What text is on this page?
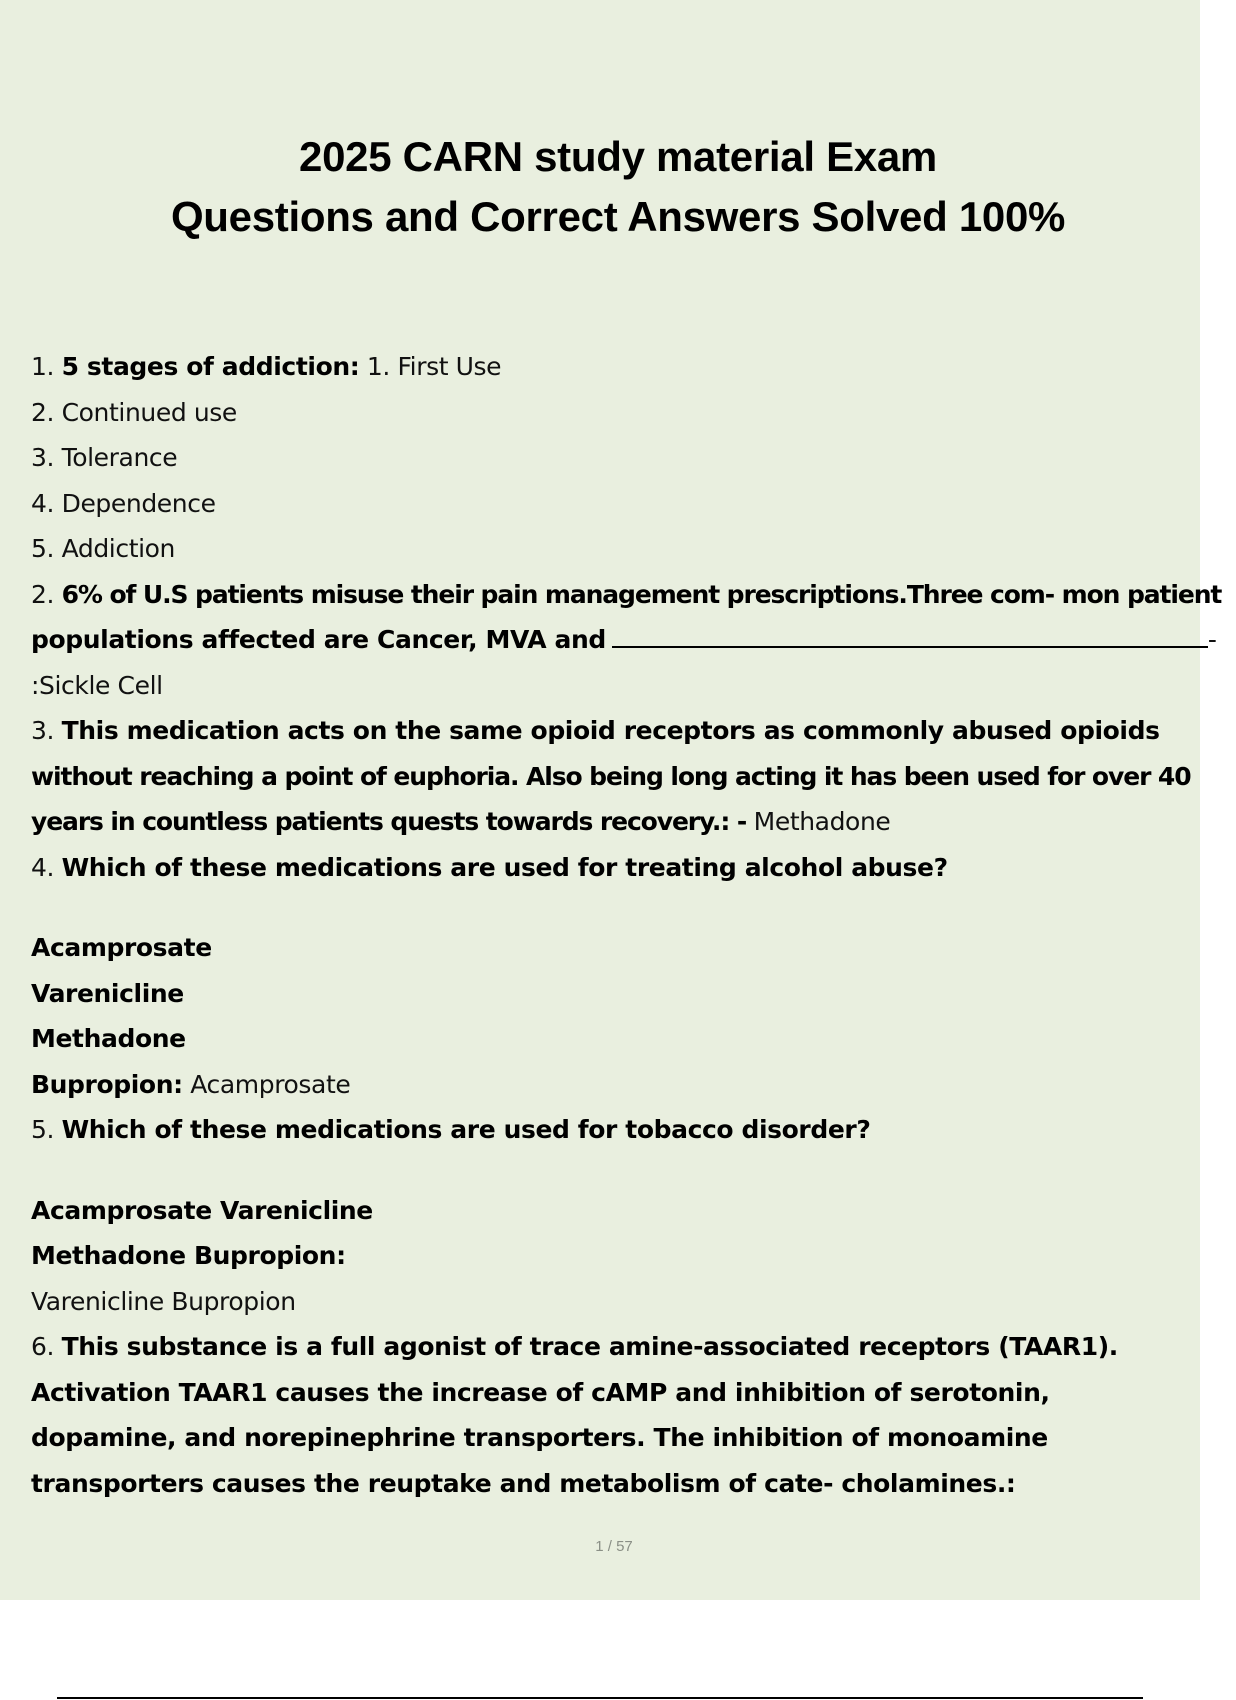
2025 CARN study material Exam
Questions and Correct Answers Solved 100%
1. 5 stages of addiction: 1. First Use
2. Continued use
3. Tolerance
4. Dependence
5. Addiction
2. 6% of U.S patients misuse their pain management prescriptions.Three com- mon patient
populations affected are Cancer, MVA and	-
:Sickle Cell
3. This medication acts on the same opioid receptors as commonly abused opioids
without reaching a point of euphoria. Also being long acting it has been used for over 40
years in countless patients quests towards recovery.: - Methadone
4. Which of these medications are used for treating alcohol abuse?
Acamprosate
Varenicline
Methadone
Bupropion: Acamprosate
5. Which of these medications are used for tobacco disorder?
Acamprosate Varenicline
Methadone Bupropion:
Varenicline Bupropion
6. This substance is a full agonist of trace amine-associated receptors (TAAR1).
Activation TAAR1 causes the increase of cAMP and inhibition of serotonin,
dopamine, and norepinephrine transporters. The inhibition of monoamine
transporters causes the reuptake and metabolism of cate- cholamines.:
1 / 57
